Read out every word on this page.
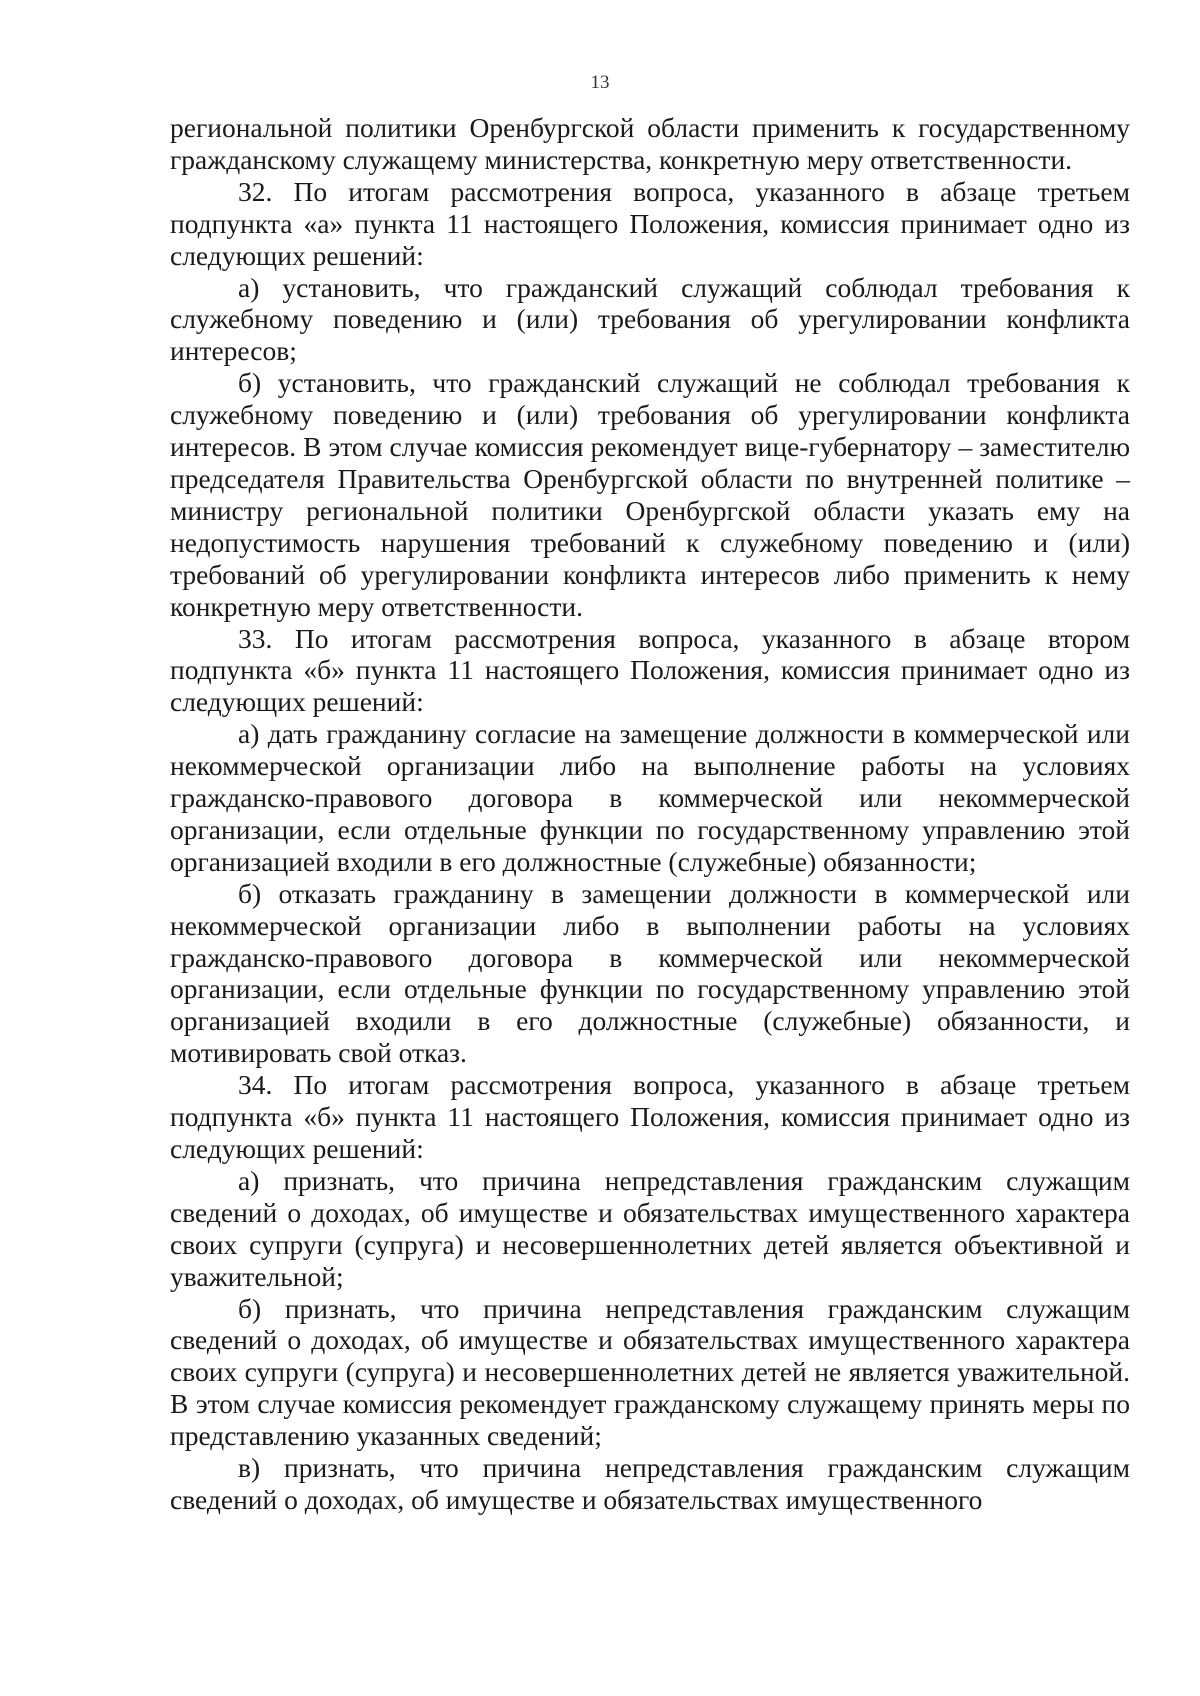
13

региональной политики Оренбургской области применить к государственному гражданскому служащему министерства, конкретную меру ответственности.

32. По итогам рассмотрения вопроса, указанного в абзаце третьем подпункта «а» пункта 11 настоящего Положения, комиссия принимает одно из следующих решений:

а) установить, что гражданский служащий соблюдал требования к служебному поведению и (или) требования об урегулировании конфликта интересов;

б) установить, что гражданский служащий не соблюдал требования к служебному поведению и (или) требования об урегулировании конфликта интересов. В этом случае комиссия рекомендует вице-губернатору – заместителю председателя Правительства Оренбургской области по внутренней политике – министру региональной политики Оренбургской области указать ему на недопустимость нарушения требований к служебному поведению и (или) требований об урегулировании конфликта интересов либо применить к нему конкретную меру ответственности.

33. По итогам рассмотрения вопроса, указанного в абзаце втором подпункта «б» пункта 11 настоящего Положения, комиссия принимает одно из следующих решений:

а) дать гражданину согласие на замещение должности в коммерческой или некоммерческой организации либо на выполнение работы на условиях гражданско-правового договора в коммерческой или некоммерческой организации, если отдельные функции по государственному управлению этой организацией входили в его должностные (служебные) обязанности;

б) отказать гражданину в замещении должности в коммерческой или некоммерческой организации либо в выполнении работы на условиях гражданско-правового договора в коммерческой или некоммерческой организации, если отдельные функции по государственному управлению этой организацией входили в его должностные (служебные) обязанности, и мотивировать свой отказ.

34. По итогам рассмотрения вопроса, указанного в абзаце третьем подпункта «б» пункта 11 настоящего Положения, комиссия принимает одно из следующих решений:

а) признать, что причина непредставления гражданским служащим сведений о доходах, об имуществе и обязательствах имущественного характера своих супруги (супруга) и несовершеннолетних детей является объективной и уважительной;

б) признать, что причина непредставления гражданским служащим сведений о доходах, об имуществе и обязательствах имущественного характера своих супруги (супруга) и несовершеннолетних детей не является уважительной. В этом случае комиссия рекомендует гражданскому служащему принять меры по представлению указанных сведений;

в) признать, что причина непредставления гражданским служащим сведений о доходах, об имуществе и обязательствах имущественного
